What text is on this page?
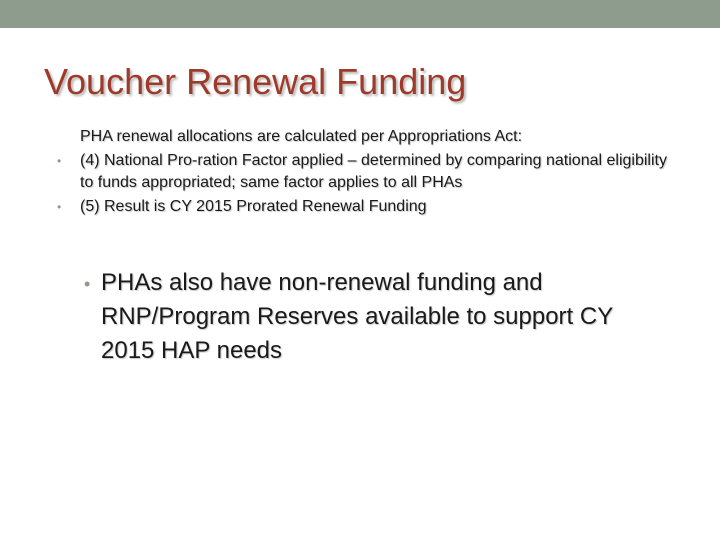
Voucher Renewal Funding

PHA renewal allocations are calculated per Appropriations Act:

• (4) National Pro-ration Factor applied – determined by comparing national eligibility to funds appropriated; same factor applies to all PHAs

• (5) Result is CY 2015 Prorated Renewal Funding

• PHAs also have non-renewal funding and RNP/Program Reserves available to support CY 2015 HAP needs
